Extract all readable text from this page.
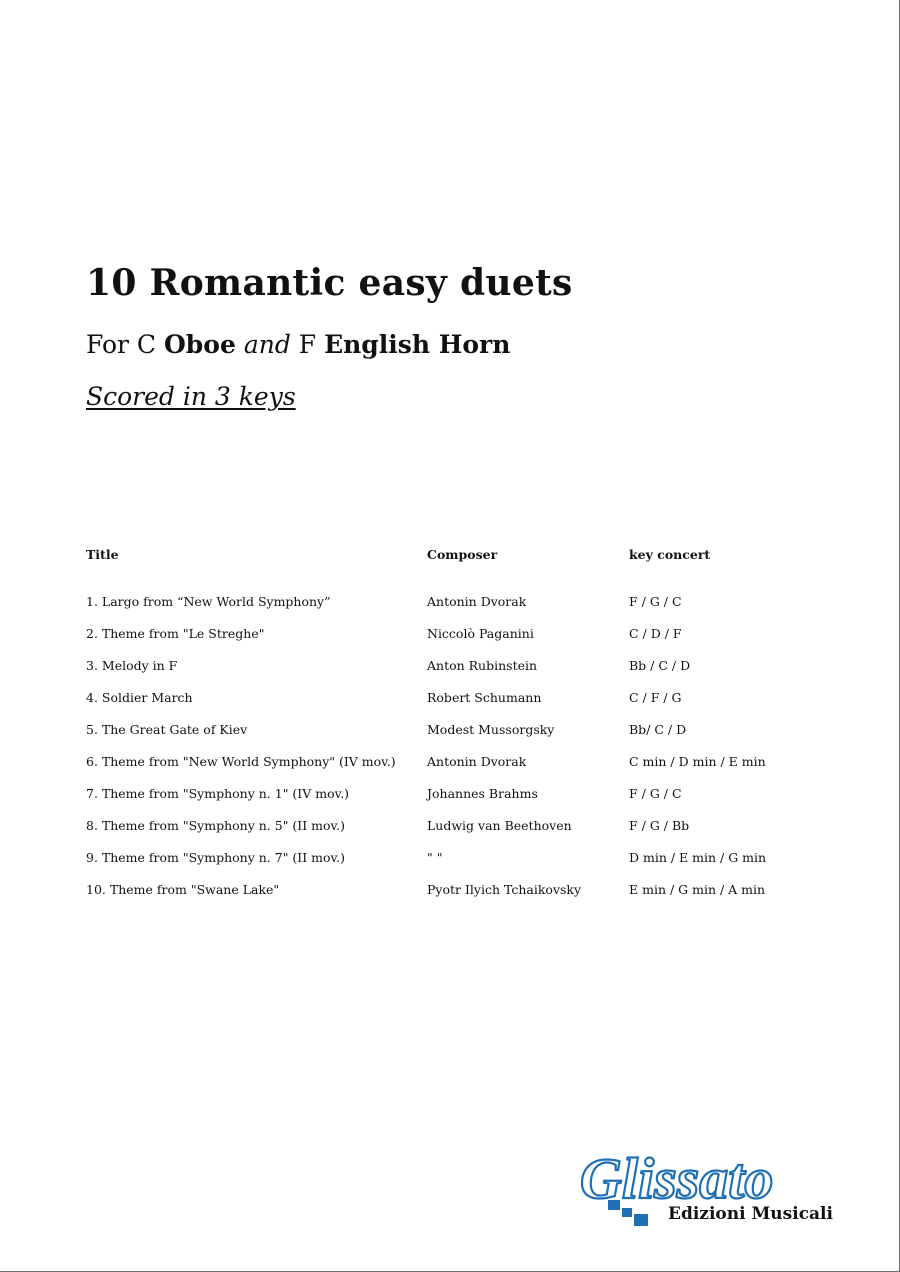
10 Romantic easy duets

For C Oboe and F English Horn

Scored in 3 keys
Title	Composer	key concert
1. Largo from “New World Symphony”	Antonin Dvorak	F / G / C
2. Theme from "Le Streghe"	Niccolò Paganini	C / D / F
3. Melody in F	Anton Rubinstein	Bb / C / D
4. Soldier March	Robert Schumann	C / F / G
5. The Great Gate of Kiev	Modest Mussorgsky	Bb/ C / D
6. Theme from "New World Symphony" (IV mov.)	Antonin Dvorak	C min / D min / E min
7. Theme from "Symphony n. 1" (IV mov.)	Johannes Brahms	F / G / C
8. Theme from "Symphony n. 5" (II mov.)	Ludwig van Beethoven	F / G / Bb
9. Theme from "Symphony n. 7" (II mov.)	" "	D min / E min / G min
10. Theme from "Swane Lake"	Pyotr Ilyich Tchaikovsky	E min / G min / A min
Glissato
Edizioni Musicali
